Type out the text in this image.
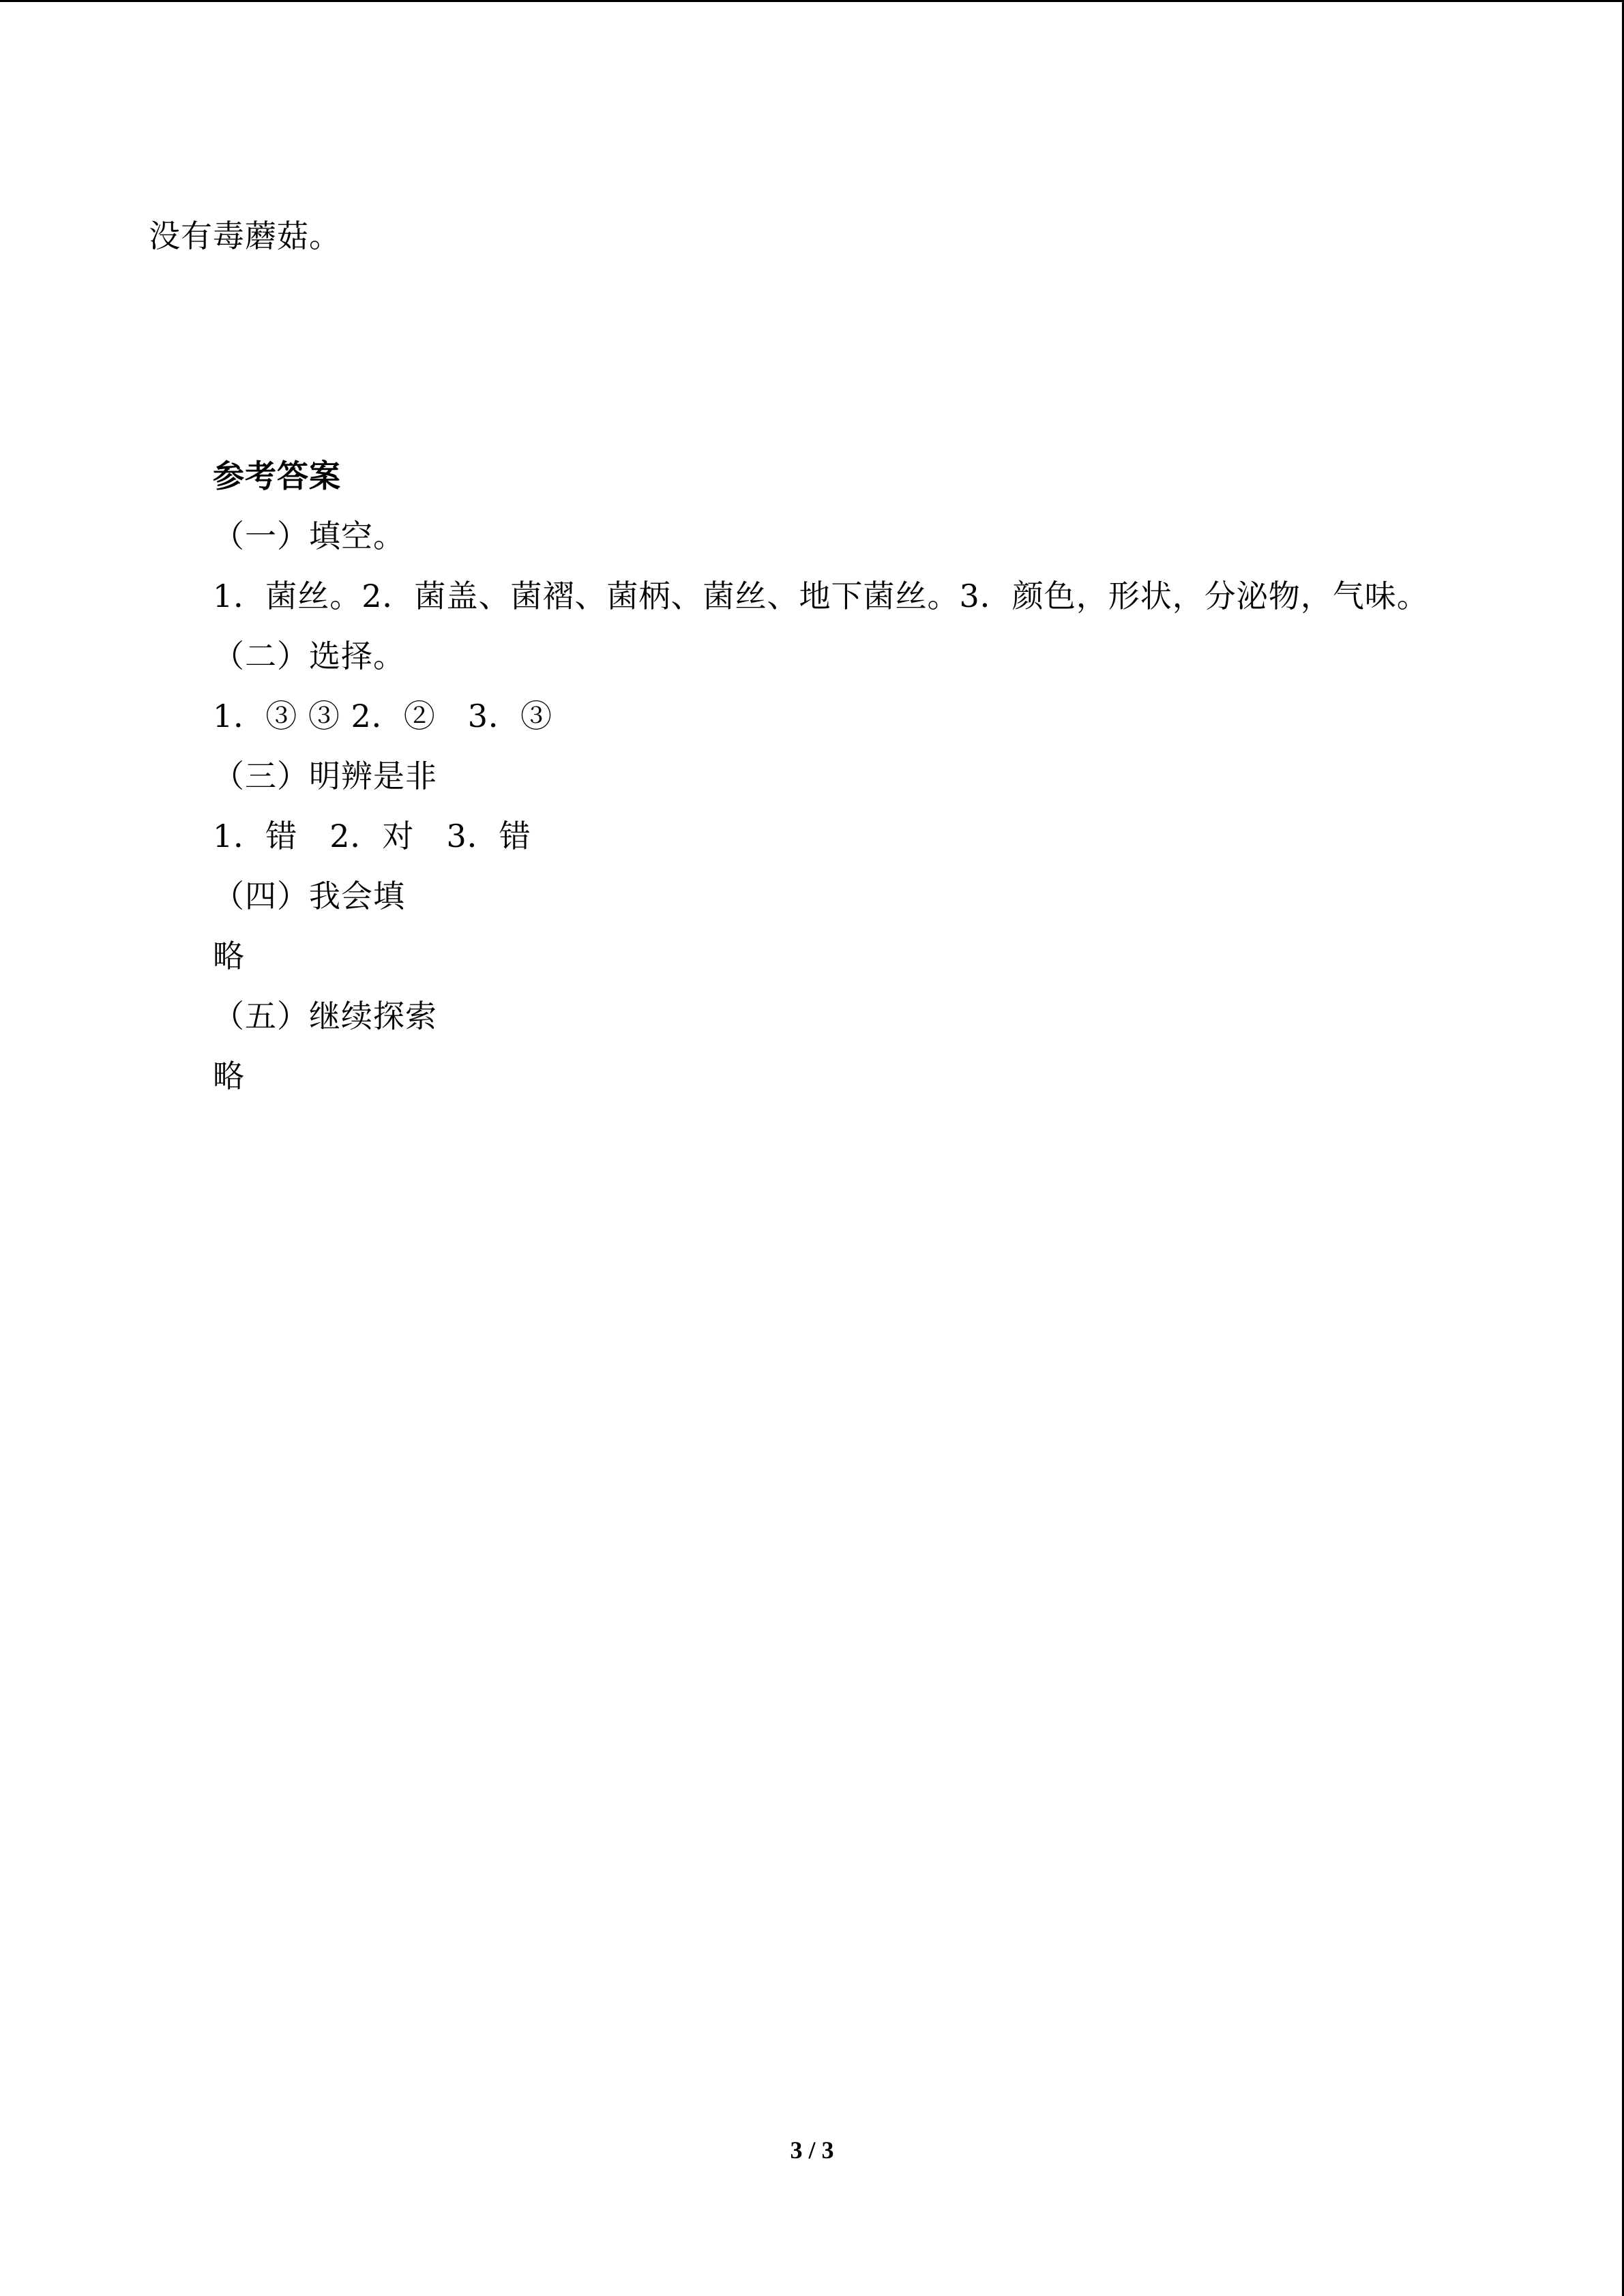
没有毒蘑菇。
参考答案
（一）填空。
1．菌丝。2．菌盖、菌褶、菌柄、菌丝、地下菌丝。3．颜色，形状，分泌物，气味。
（二）选择。
1．③ ③ 2．②　3．③
（三）明辨是非
1．错　2．对　3．错
（四）我会填
略
（五）继续探索
略
3 / 3
